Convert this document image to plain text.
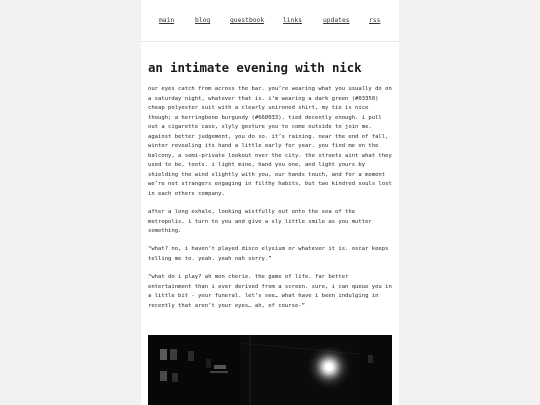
main	blog	guestbook	links	updates	rss
an intimate evening with nick

our eyes catch from across the bar. you’re wearing what you usually do on a saturday night, whatever that is. i’m wearing a dark green (#03350) cheap polyester suit with a clearly unironed shirt, my tie is nice though; a herringbone burgundy (#660033). tied decently enough. i pull out a cigarette case, slyly gesture you to come outside to join me. against better judgement, you do so. it’s raining. near the end of fall, winter revealing its hand a little early for year. you find me on the balcony, a semi-private lookout over the city. the streets aint what they used to be, toots. i light mine, hand you one, and light yours by shielding the wind slightly with you, our hands touch, and for a moment we’re not strangers engaging in filthy habits, but two kindred souls lost in each others company.

after a long exhale, looking wistfully out onto the sea of the metropolis, i turn to you and give a sly little smile as you mutter something.

“what? no, i haven’t played disco elysium or whatever it is. oscar keeps telling me to. yeah. yeah nah sorry.”

“what do i play? ah mon cherie. the game of life. far better entertainment than i ever derived from a screen. sure, i can queue you in a little bit - your funeral. let’s see… what have i been indulging in recently that aren’t your eyes… ah, of course-”
